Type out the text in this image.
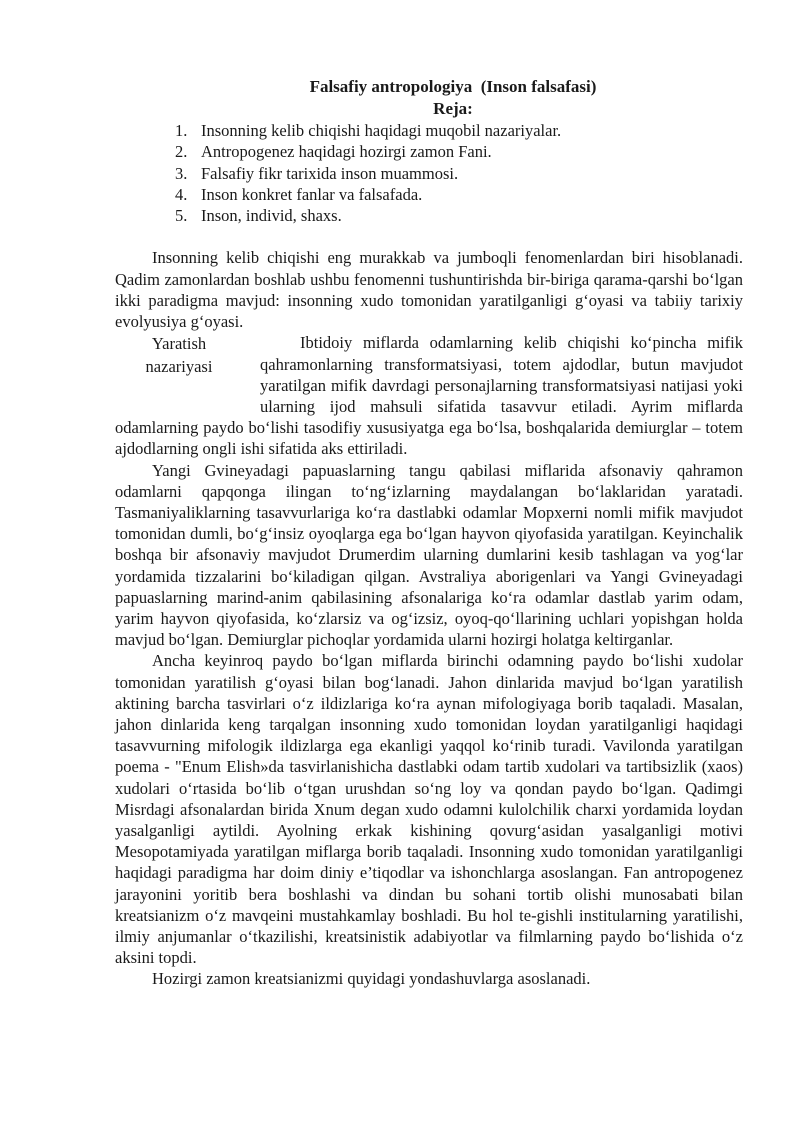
Falsafiy antropologiya  (Inson falsafasi)
Reja:
1. Insonning kelib chiqishi haqidagi muqobil nazariyalar.
2. Antropogenez haqidagi hozirgi zamon Fani.
3. Falsafiy fikr tarixida inson muammosi.
4. Inson konkret fanlar va falsafada.
5. Inson, individ, shaxs.

Insonning kelib chiqishi eng murakkab va jumboqli fenomenlardan biri hisoblanadi. Qadim zamonlardan boshlab ushbu fenomenni tushuntirishda bir-biriga qarama-qarshi bo‘lgan ikki paradigma mavjud: insonning xudo tomonidan yaratilganligi g‘oyasi va tabiiy tarixiy evolyusiya g‘oyasi.

Yaratish
nazariyasi

Ibtidoiy miflarda odamlarning kelib chiqishi ko‘pincha mifik qahramonlarning transformatsiyasi, totem ajdodlar, butun mavjudot yaratilgan mifik davrdagi personajlarning transformatsiyasi natijasi yoki ularning ijod mahsuli sifatida tasavvur etiladi. Ayrim miflarda odamlarning paydo bo‘lishi tasodifiy xususiyatga ega bo‘lsa, boshqalarida demiurglar – totem ajdodlarning ongli ishi sifatida aks ettiriladi.

Yangi Gvineyadagi papuaslarning tangu qabilasi miflarida afsonaviy qahramon odamlarni qapqonga ilingan to‘ng‘izlarning maydalangan bo‘laklaridan yaratadi. Tasmaniyaliklarning tasavvurlariga ko‘ra dastlabki odamlar Mopxerni nomli mifik mavjudot tomonidan dumli, bo‘g‘insiz oyoqlarga ega bo‘lgan hayvon qiyofasida yaratilgan. Keyinchalik boshqa bir afsonaviy mavjudot Drumerdim ularning dumlarini kesib tashlagan va yog‘lar yordamida tizzalarini bo‘kiladigan qilgan. Avstraliya aborigenlari va Yangi Gvineyadagi papuaslarning marind-anim qabilasining afsonalariga ko‘ra odamlar dastlab yarim odam, yarim hayvon qiyofasida, ko‘zlarsiz va og‘izsiz, oyoq-qo‘llarining uchlari yopishgan holda mavjud bo‘lgan. Demiurglar pichoqlar yordamida ularni hozirgi holatga keltirganlar.

Ancha keyinroq paydo bo‘lgan miflarda birinchi odamning paydo bo‘lishi xudolar tomonidan yaratilish g‘oyasi bilan bog‘lanadi. Jahon dinlarida mavjud bo‘lgan yaratilish aktining barcha tasvirlari o‘z ildizlariga ko‘ra aynan mifologiyaga borib taqaladi. Masalan, jahon dinlarida keng tarqalgan insonning xudo tomonidan loydan yaratilganligi haqidagi tasavvurning mifologik ildizlarga ega ekanligi yaqqol ko‘rinib turadi. Vavilonda yaratilgan poema - "Enum Elish»da tasvirlanishicha dastlabki odam tartib xudolari va tartibsizlik (xaos) xudolari o‘rtasida bo‘lib o‘tgan urushdan so‘ng loy va qondan paydo bo‘lgan. Qadimgi Misrdagi afsonalardan birida Xnum degan xudo odamni kulolchilik charxi yordamida loydan yasalganligi aytildi. Ayolning erkak kishining qovurg‘asidan yasalganligi motivi Mesopotamiyada yaratilgan miflarga borib taqaladi. Insonning xudo tomonidan yaratilganligi haqidagi paradigma har doim diniy e’tiqodlar va ishonchlarga asoslangan. Fan antropogenez jarayonini yoritib bera boshlashi va dindan bu sohani tortib olishi munosabati bilan kreatsianizm o‘z mavqeini mustahkamlay boshladi. Bu hol te-gishli institularning yaratilishi, ilmiy anjumanlar o‘tkazilishi, kreatsinistik adabiyotlar va filmlarning paydo bo‘lishida o‘z aksini topdi.

Hozirgi zamon kreatsianizmi quyidagi yondashuvlarga asoslanadi.
